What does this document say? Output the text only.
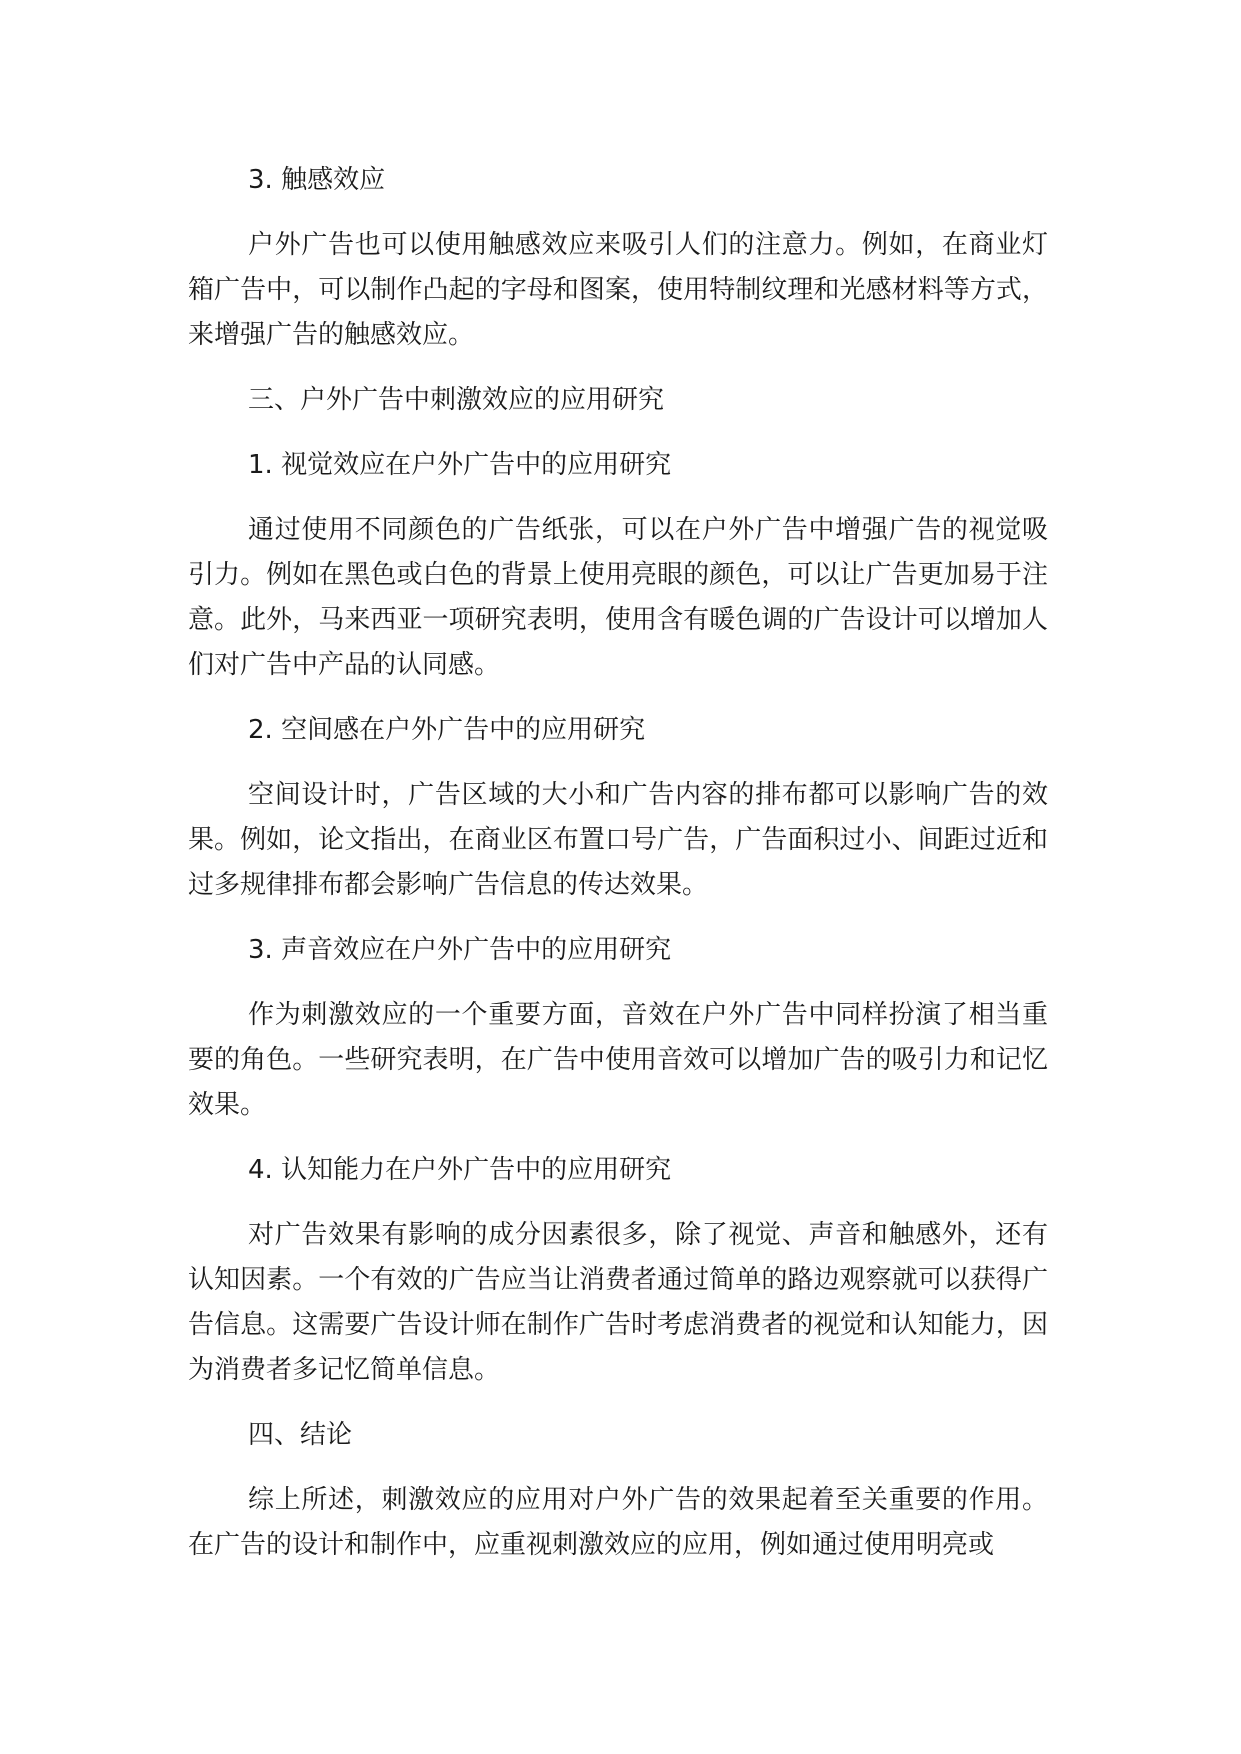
3. 触感效应

户外广告也可以使用触感效应来吸引人们的注意力。例如，在商业灯箱广告中，可以制作凸起的字母和图案，使用特制纹理和光感材料等方式，来增强广告的触感效应。

三、户外广告中刺激效应的应用研究

1. 视觉效应在户外广告中的应用研究

通过使用不同颜色的广告纸张，可以在户外广告中增强广告的视觉吸引力。例如在黑色或白色的背景上使用亮眼的颜色，可以让广告更加易于注意。此外，马来西亚一项研究表明，使用含有暖色调的广告设计可以增加人们对广告中产品的认同感。

2. 空间感在户外广告中的应用研究

空间设计时，广告区域的大小和广告内容的排布都可以影响广告的效果。例如，论文指出，在商业区布置口号广告，广告面积过小、间距过近和过多规律排布都会影响广告信息的传达效果。

3. 声音效应在户外广告中的应用研究

作为刺激效应的一个重要方面，音效在户外广告中同样扮演了相当重要的角色。一些研究表明，在广告中使用音效可以增加广告的吸引力和记忆效果。

4. 认知能力在户外广告中的应用研究

对广告效果有影响的成分因素很多，除了视觉、声音和触感外，还有认知因素。一个有效的广告应当让消费者通过简单的路边观察就可以获得广告信息。这需要广告设计师在制作广告时考虑消费者的视觉和认知能力，因为消费者多记忆简单信息。

四、结论

综上所述，刺激效应的应用对户外广告的效果起着至关重要的作用。在广告的设计和制作中，应重视刺激效应的应用，例如通过使用明亮或
